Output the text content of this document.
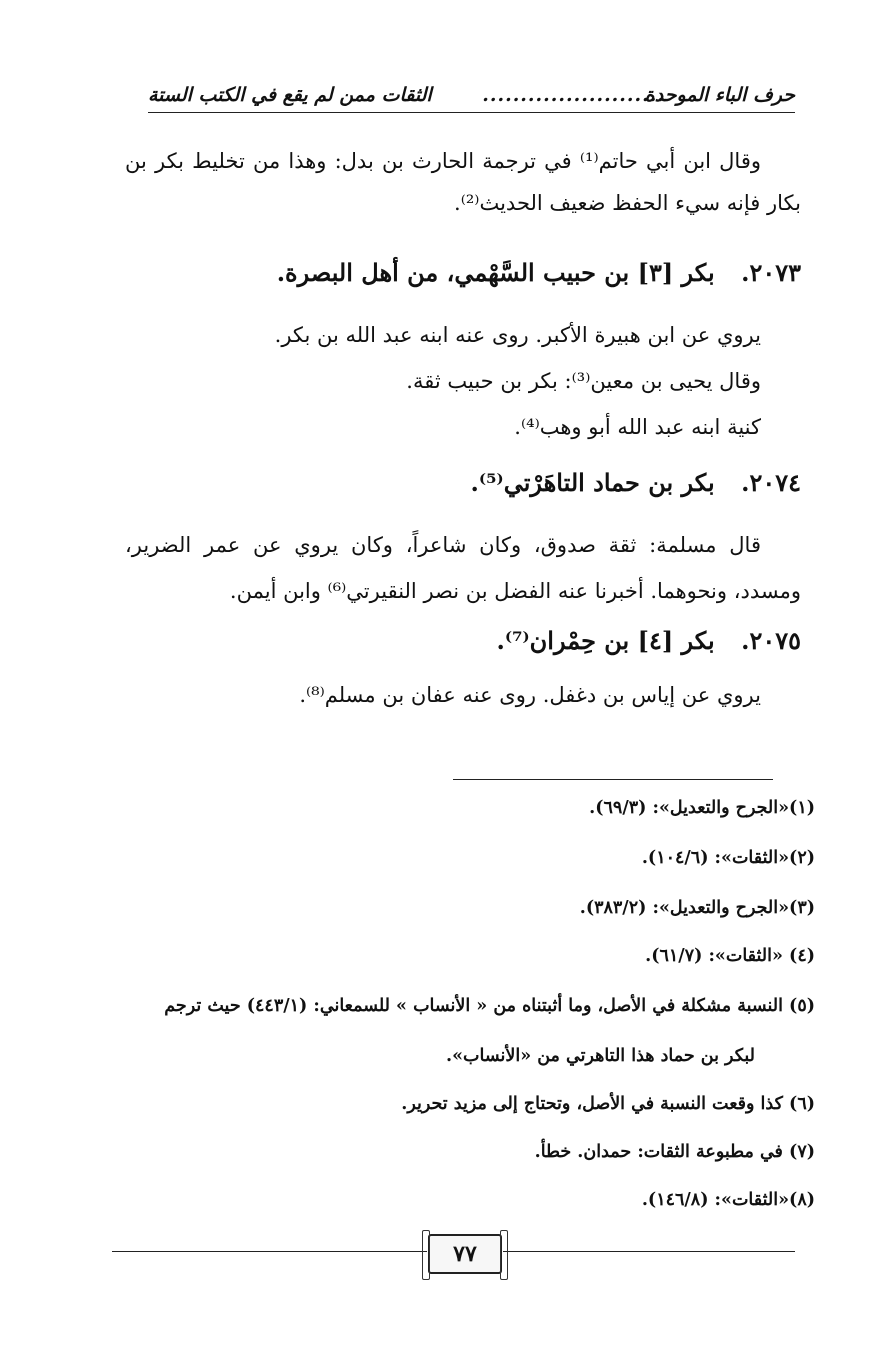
حرف الباء الموحدة
........................
الثقات ممن لم يقع في الكتب الستة

وقال ابن أبي حاتم⁽¹⁾ في ترجمة الحارث بن بدل: وهذا من تخليط بكر بن

بكار فإنه سيء الحفظ ضعيف الحديث⁽²⁾.

٢٠٧٣. بكر [٣] بن حبيب السَّهْمي، من أهل البصرة.

يروي عن ابن هبيرة الأكبر. روى عنه ابنه عبد الله بن بكر.

وقال يحيى بن معين⁽³⁾: بكر بن حبيب ثقة.

كنية ابنه عبد الله أبو وهب⁽⁴⁾.

٢٠٧٤. بكر بن حماد التاهَرْتي⁽⁵⁾.

قال مسلمة: ثقة صدوق، وكان شاعراً، وكان يروي عن عمر الضرير،

ومسدد، ونحوهما. أخبرنا عنه الفضل بن نصر النقيرتي⁽⁶⁾ وابن أيمن.

٢٠٧٥. بكر [٤] بن حِمْران⁽⁷⁾.

يروي عن إياس بن دغفل. روى عنه عفان بن مسلم⁽⁸⁾.

(١)«الجرح والتعديل»: (٦٩/٣).
(٢)«الثقات»: (١٠٤/٦).
(٣)«الجرح والتعديل»: (٣٨٣/٢).
(٤) «الثقات»: (٦١/٧).
(٥) النسبة مشكلة في الأصل، وما أثبتناه من « الأنساب » للسمعاني: (٤٤٣/١) حيث ترجم
لبكر بن حماد هذا التاهرتي من «الأنساب».
(٦) كذا وقعت النسبة في الأصل، وتحتاج إلى مزيد تحرير.
(٧) في مطبوعة الثقات: حمدان. خطأ.
(٨)«الثقات»: (١٤٦/٨).
٧٧
